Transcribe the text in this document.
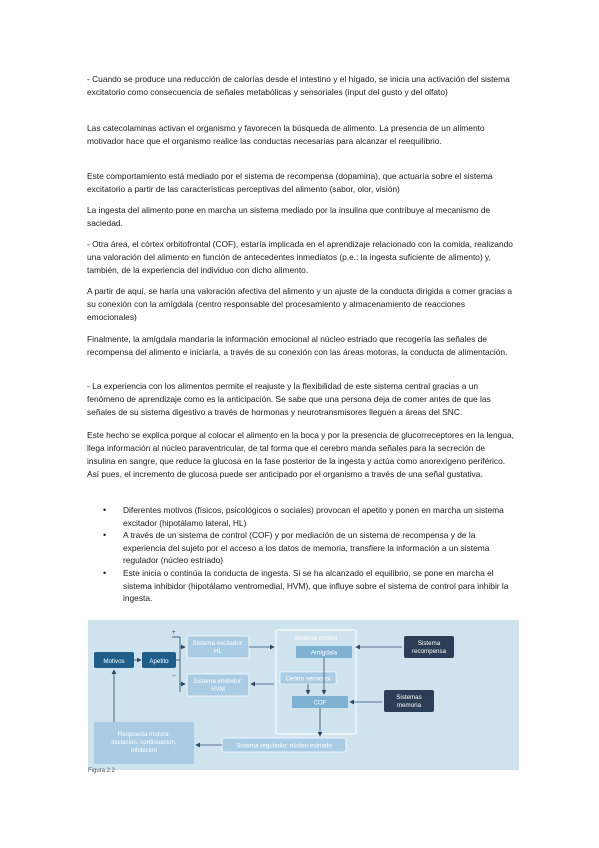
- Cuando se produce una reducción de calorías desde el intestino y el hígado, se inicia una activación del sistema excitatorio como consecuencia de señales metabólicas y sensoriales (input del gusto y del olfato)

Las catecolaminas activan el organismo y favorecen la búsqueda de alimento. La presencia de un alimento motivador hace que el organismo realice las conductas necesarias para alcanzar el reequilibrio.

Este comportamiento está mediado por el sistema de recompensa (dopamina), que actuaría sobre el sistema excitatorio a partir de las características perceptivas del alimento (sabor, olor, visión)

La ingesta del alimento pone en marcha un sistema mediado por la insulina que contribuye al mecanismo de saciedad.

- Otra área, el córtex orbitofrontal (COF), estaría implicada en el aprendizaje relacionado con la comida, realizando una valoración del alimento en función de antecedentes inmediatos (p.e.: la ingesta suficiente de alimento) y, también, de la experiencia del individuo con dicho alimento.

A partir de aquí, se haría una valoración afectiva del alimento y un ajuste de la conducta dirigida a comer gracias a su conexión con la amígdala (centro responsable del procesamiento y almacenamiento de reacciones emocionales)

Finalmente, la amígdala mandaría la información emocional al núcleo estriado que recogería las señales de recompensa del alimento e iniciaría, a través de su conexión con las áreas motoras, la conducta de alimentación.

- La experiencia con los alimentos permite el reajuste y la flexibilidad de este sistema central gracias a un fenómeno de aprendizaje como es la anticipación. Se sabe que una persona deja de comer antes de que las señales de su sistema digestivo a través de hormonas y neurotransmisores lleguen a áreas del SNC.

Este hecho se explica porque al colocar el alimento en la boca y por la presencia de glucorreceptores en la lengua, llega información al núcleo paraventricular, de tal forma que el cerebro manda señales para la secreción de insulina en sangre, que reduce la glucosa en la fase posterior de la ingesta y actúa como anorexígeno periférico. Así pues, el incremento de glucosa puede ser anticipado por el organismo a través de una señal gustativa.

• Diferentes motivos (físicos, psicológicos o sociales) provocan el apetito y ponen en marcha un sistema excitador (hipotálamo lateral, HL)
• A través de un sistema de control (COF) y por mediación de un sistema de recompensa y de la experiencia del sujeto por el acceso a los datos de memoria, transfiere la información a un sistema regulador (núcleo estriado)
• Este inicia o continúa la conducta de ingesta. Si se ha alcanzado el equilibrio, se pone en marcha el sistema inhibidor (hipotálamo ventromedial, HVM), que influye sobre el sistema de control para inhibir la ingesta.
Motivos	Apetito
+
−
Sistema excitador:
HL
Sistema inhibidor:
HVM
Sistema control
Amígdala
Centro sensorial
COF
Sistema
recompensa
Sistemas
memoria
Sistema regulador: núcleo estriado
Respuesta motora:
iniciación, continuación,
inhibición
Figura 2.2
